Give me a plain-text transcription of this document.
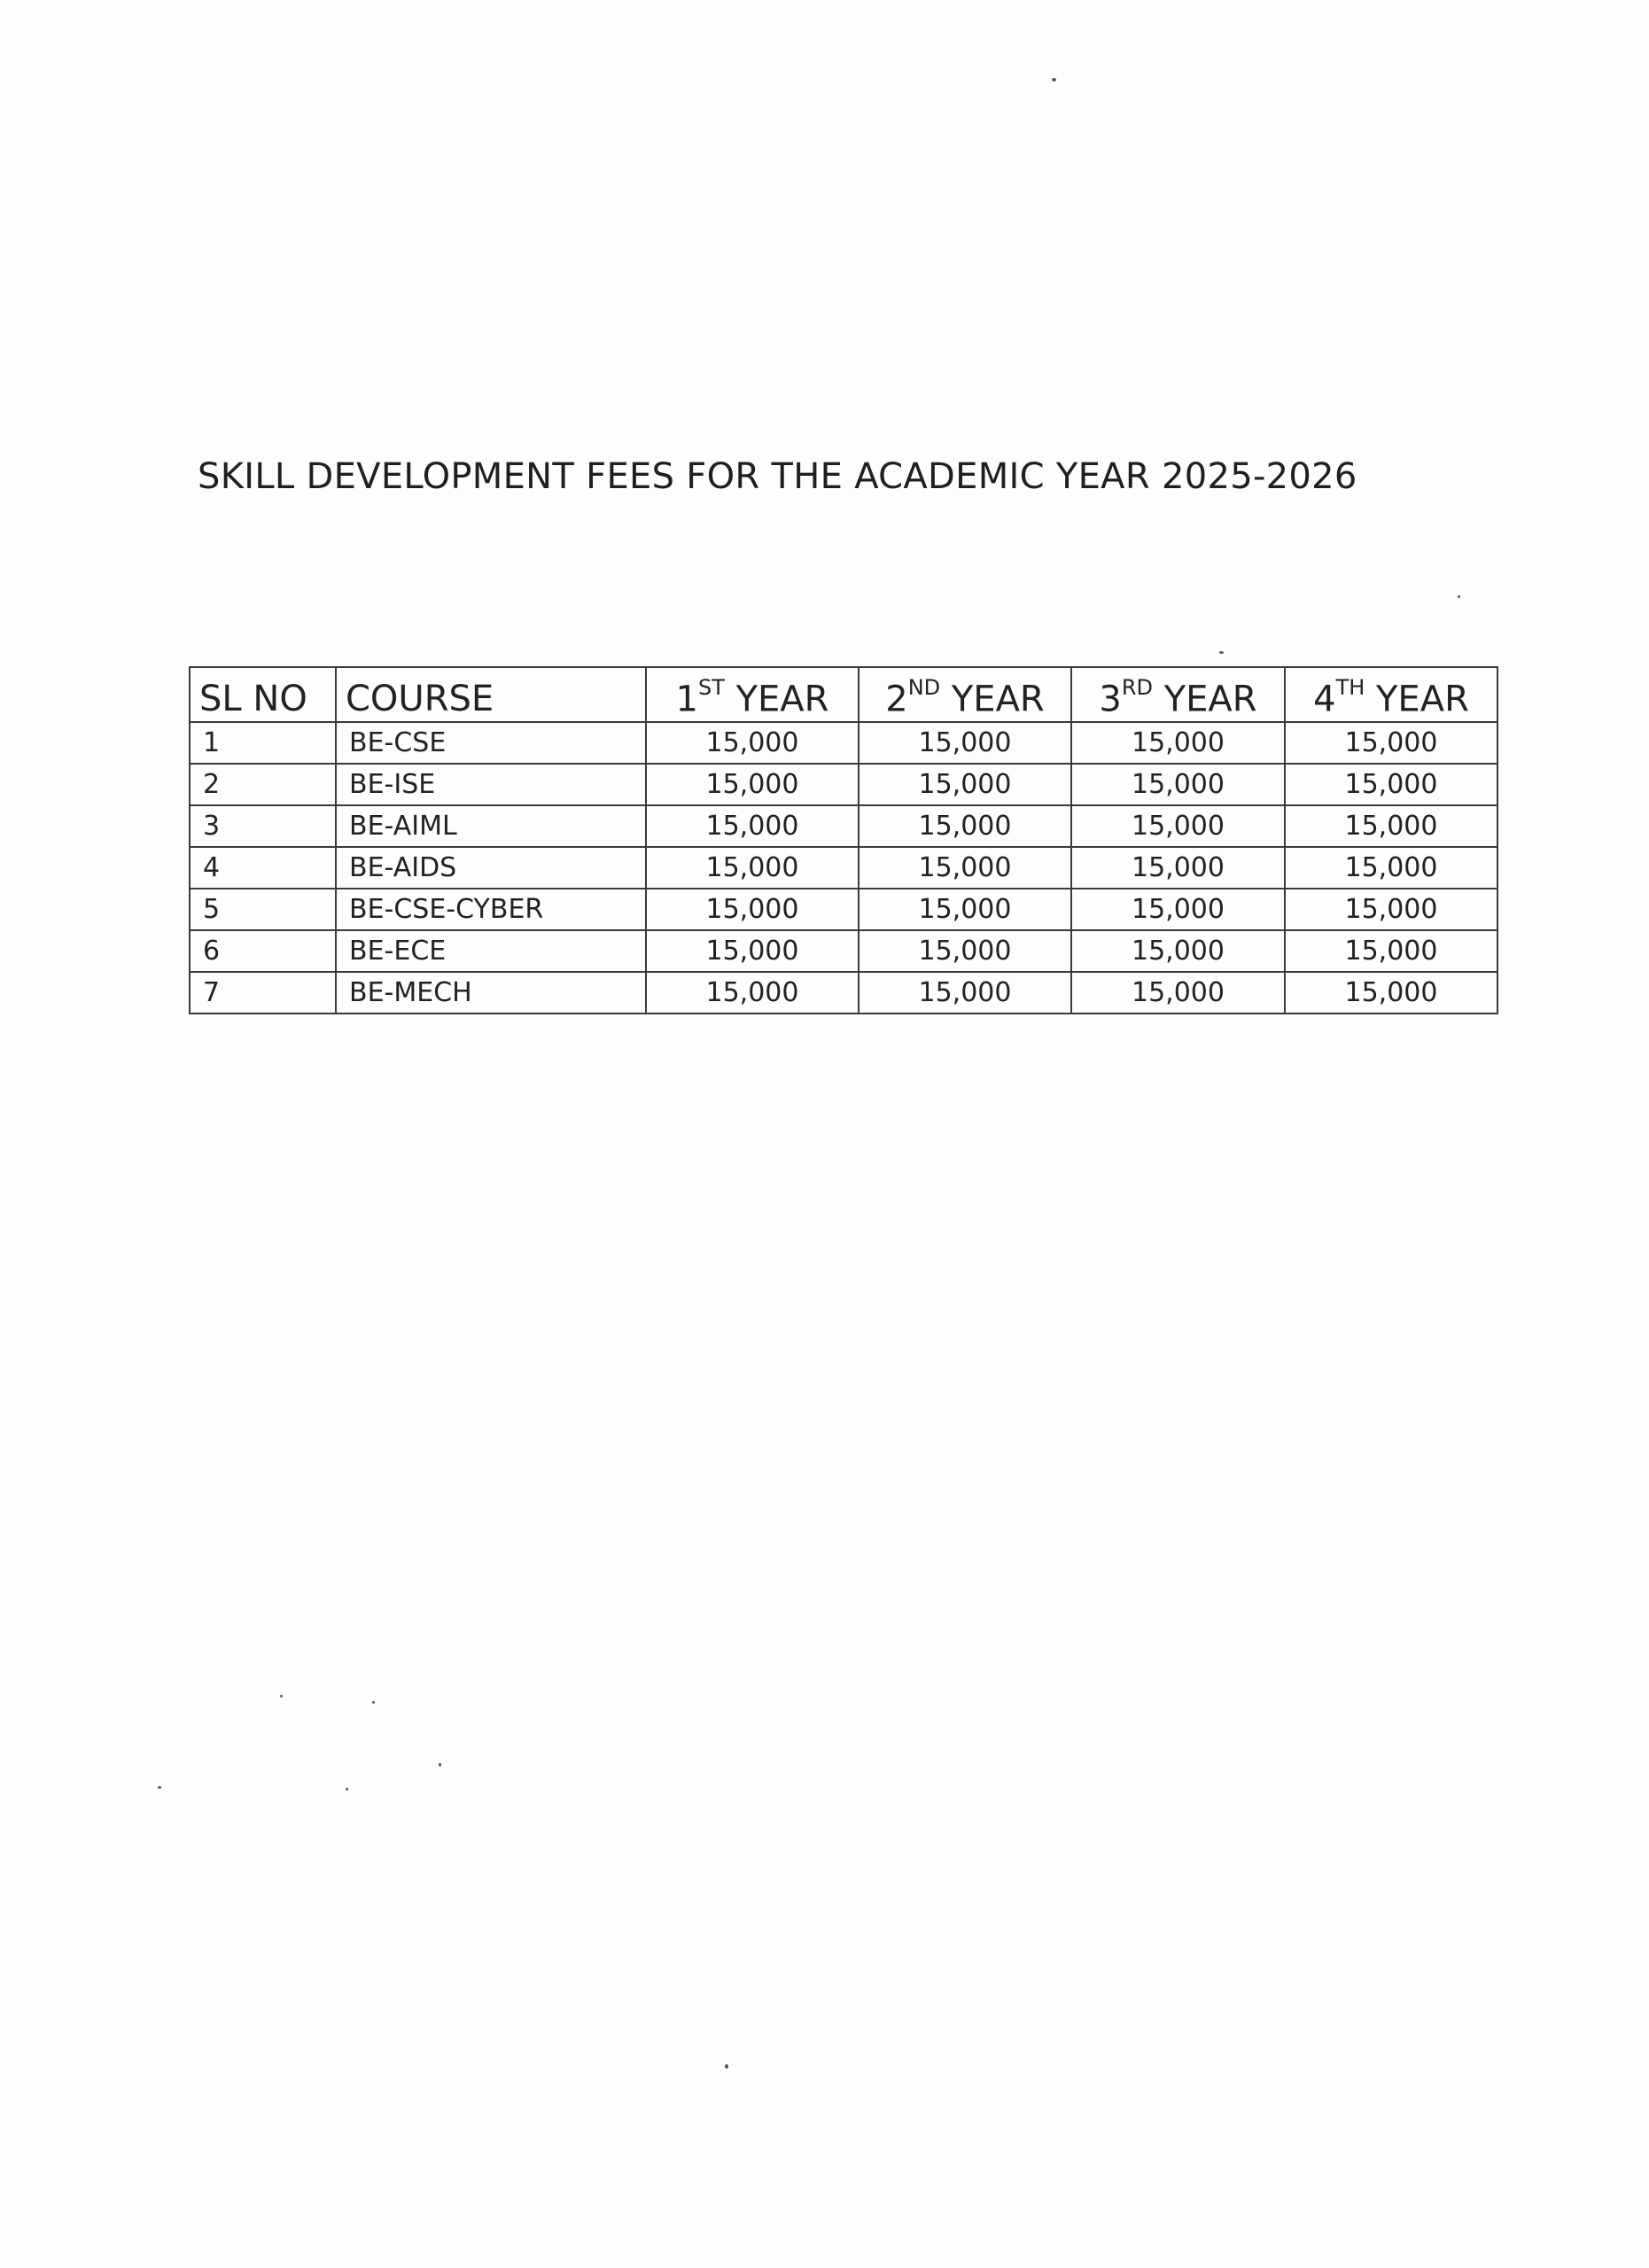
SKILL DEVELOPMENT FEES FOR THE ACADEMIC YEAR 2025-2026
SL NO	COURSE	1ST YEAR	2ND YEAR	3RD YEAR	4TH YEAR
1	BE-CSE	15,000	15,000	15,000	15,000
2	BE-ISE	15,000	15,000	15,000	15,000
3	BE-AIML	15,000	15,000	15,000	15,000
4	BE-AIDS	15,000	15,000	15,000	15,000
5	BE-CSE-CYBER	15,000	15,000	15,000	15,000
6	BE-ECE	15,000	15,000	15,000	15,000
7	BE-MECH	15,000	15,000	15,000	15,000
